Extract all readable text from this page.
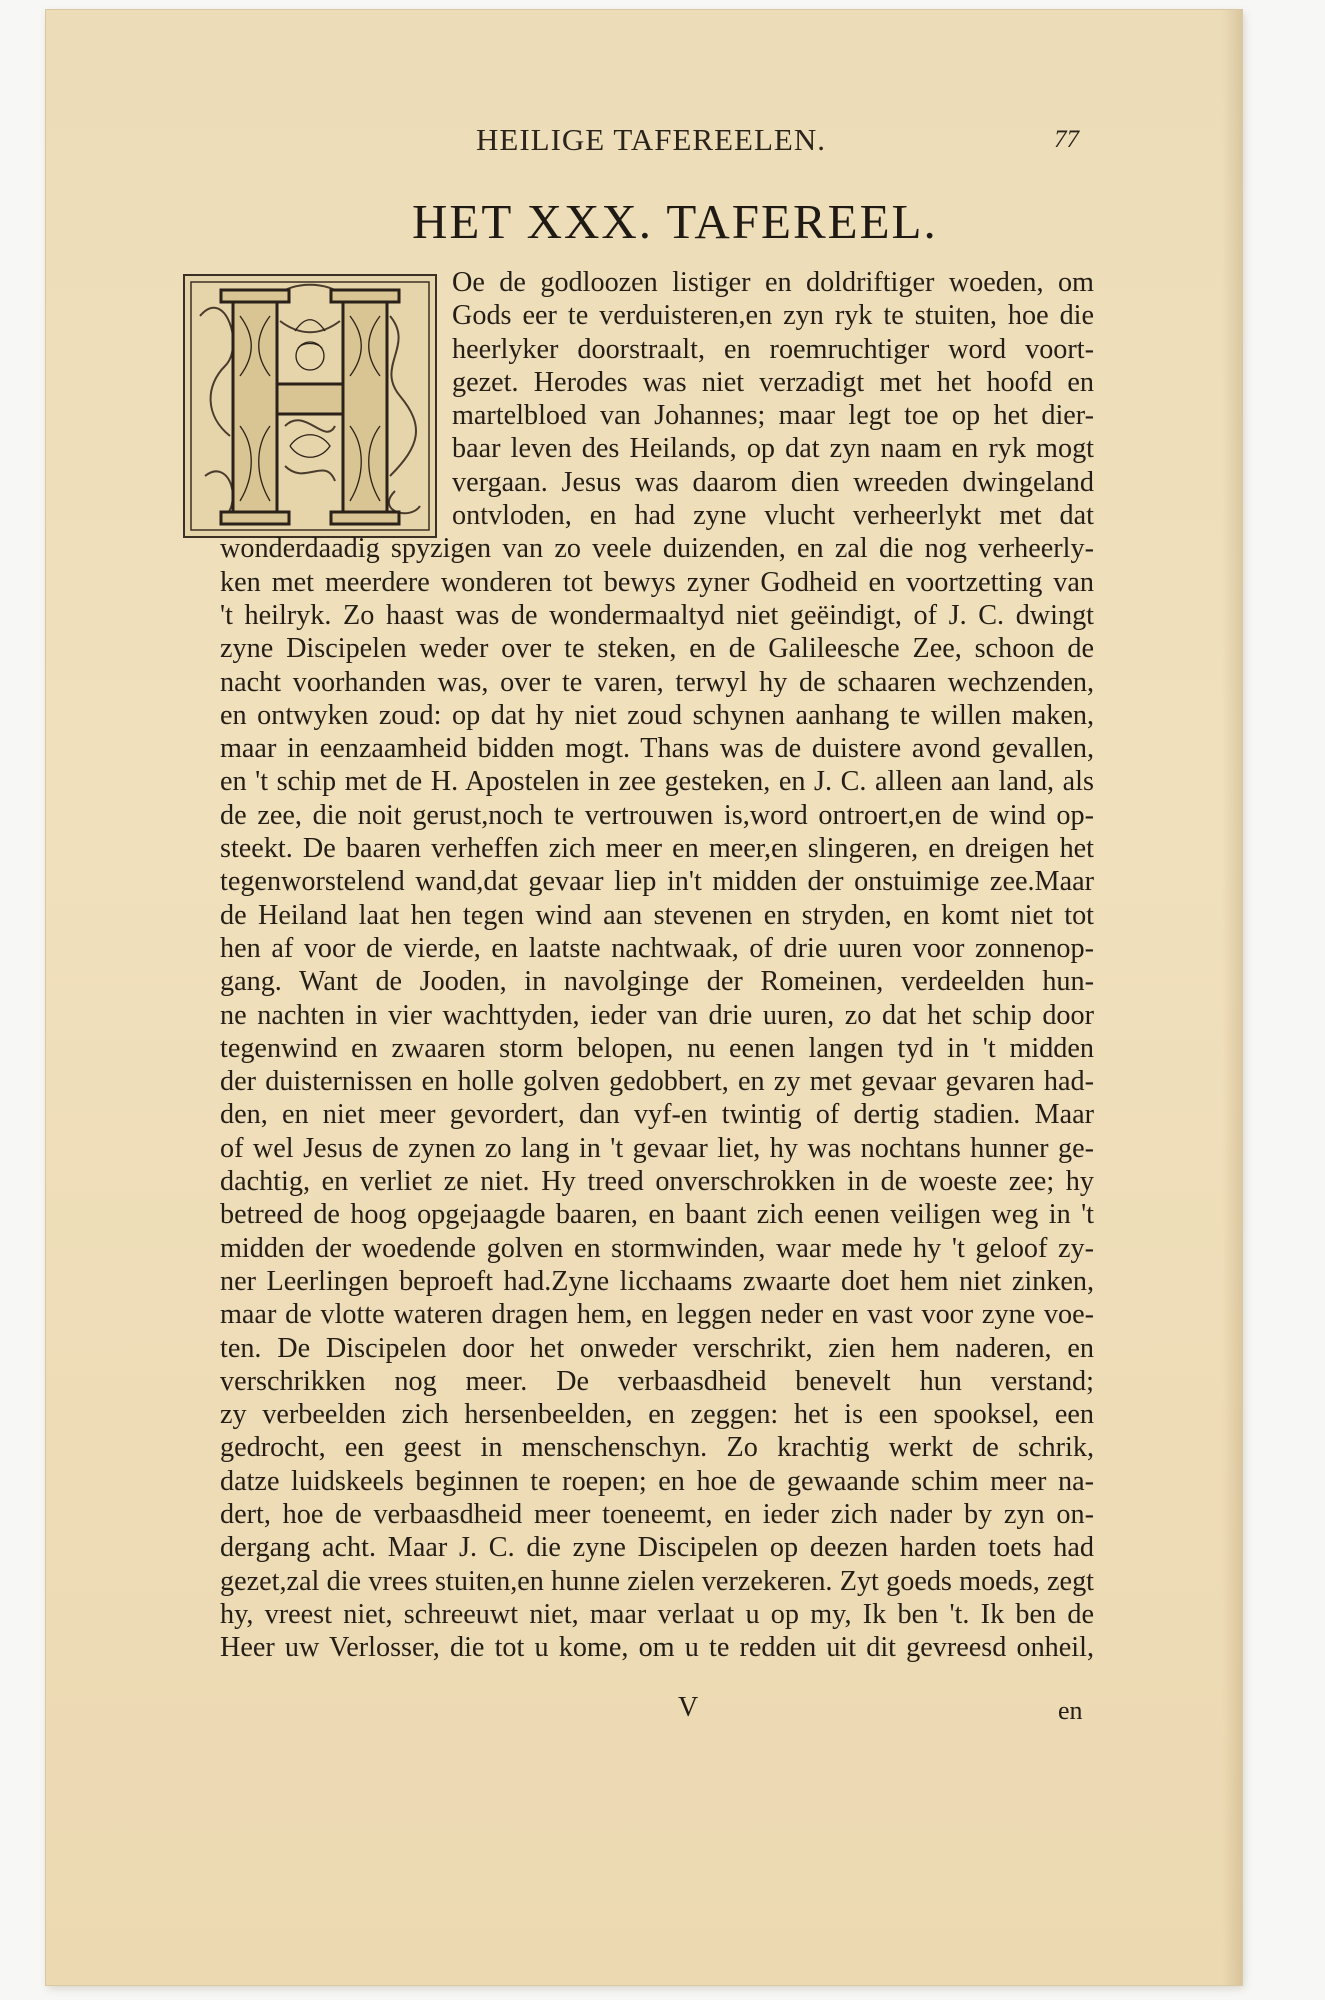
HEILIGE TAFEREELEN.	77
HET XXX. TAFEREEL.
Oe de godloozen listiger en doldriftiger woeden, om
Gods eer te verduisteren,en zyn ryk te stuiten, hoe die
heerlyker doorstraalt, en roemruchtiger word voort-
gezet. Herodes was niet verzadigt met het hoofd en
martelbloed van Johannes; maar legt toe op het dier-
baar leven des Heilands, op dat zyn naam en ryk mogt
vergaan. Jesus was daarom dien wreeden dwingeland
ontvloden, en had zyne vlucht verheerlykt met dat
wonderdaadig spyzigen van zo veele duizenden, en zal die nog verheerly-
ken met meerdere wonderen tot bewys zyner Godheid en voortzetting van
't heilryk. Zo haast was de wondermaaltyd niet geëindigt, of J. C. dwingt
zyne Discipelen weder over te steken, en de Galileesche Zee, schoon de
nacht voorhanden was, over te varen, terwyl hy de schaaren wechzenden,
en ontwyken zoud: op dat hy niet zoud schynen aanhang te willen maken,
maar in eenzaamheid bidden mogt. Thans was de duistere avond gevallen,
en 't schip met de H. Apostelen in zee gesteken, en J. C. alleen aan land, als
de zee, die noit gerust,noch te vertrouwen is,word ontroert,en de wind op-
steekt. De baaren verheffen zich meer en meer,en slingeren, en dreigen het
tegenworstelend wand,dat gevaar liep in't midden der onstuimige zee.Maar
de Heiland laat hen tegen wind aan stevenen en stryden, en komt niet tot
hen af voor de vierde, en laatste nachtwaak, of drie uuren voor zonnenop-
gang. Want de Jooden, in navolginge der Romeinen, verdeelden hun-
ne nachten in vier wachttyden, ieder van drie uuren, zo dat het schip door
tegenwind en zwaaren storm belopen, nu eenen langen tyd in 't midden
der duisternissen en holle golven gedobbert, en zy met gevaar gevaren had-
den, en niet meer gevordert, dan vyf-en twintig of dertig stadien. Maar
of wel Jesus de zynen zo lang in 't gevaar liet, hy was nochtans hunner ge-
dachtig, en verliet ze niet. Hy treed onverschrokken in de woeste zee; hy
betreed de hoog opgejaagde baaren, en baant zich eenen veiligen weg in 't
midden der woedende golven en stormwinden, waar mede hy 't geloof zy-
ner Leerlingen beproeft had.Zyne licchaams zwaarte doet hem niet zinken,
maar de vlotte wateren dragen hem, en leggen neder en vast voor zyne voe-
ten. De Discipelen door het onweder verschrikt, zien hem naderen, en
verschrikken nog meer. De verbaasdheid benevelt hun verstand;
zy verbeelden zich hersenbeelden, en zeggen: het is een spooksel, een
gedrocht, een geest in menschenschyn. Zo krachtig werkt de schrik,
datze luidskeels beginnen te roepen; en hoe de gewaande schim meer na-
dert, hoe de verbaasdheid meer toeneemt, en ieder zich nader by zyn on-
dergang acht. Maar J. C. die zyne Discipelen op deezen harden toets had
gezet,zal die vrees stuiten,en hunne zielen verzekeren. Zyt goeds moeds, zegt
hy, vreest niet, schreeuwt niet, maar verlaat u op my, Ik ben 't. Ik ben de
Heer uw Verlosser, die tot u kome, om u te redden uit dit gevreesd onheil,
V	en
